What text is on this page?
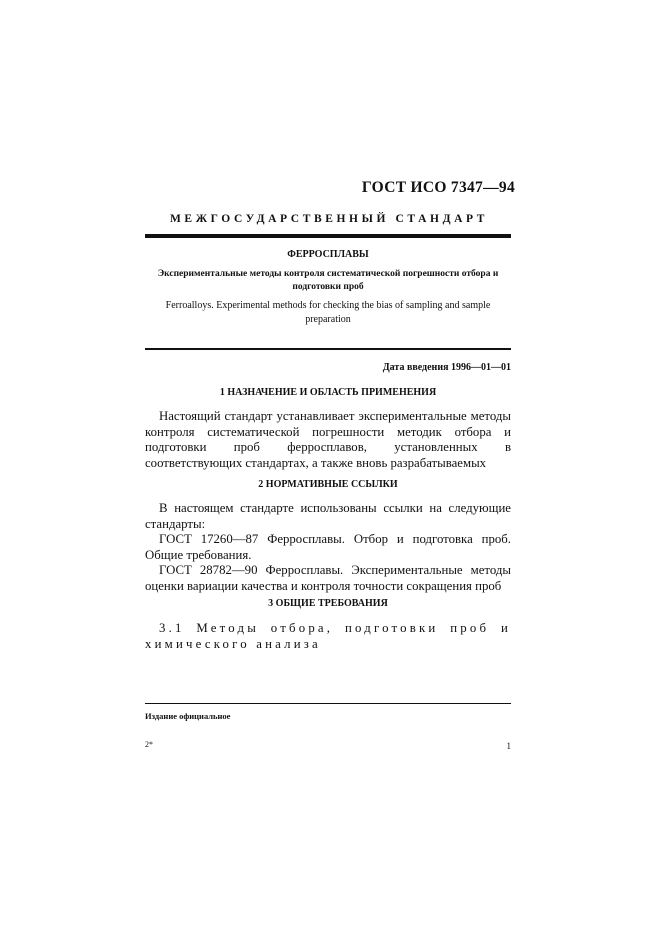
ГОСТ ИСО 7347—94
МЕЖГОСУДАРСТВЕННЫЙ СТАНДАРТ
ФЕРРОСПЛАВЫ
Экспериментальные методы контроля систематической погрешности отбора и подготовки проб
Ferroalloys. Experimental methods for checking the bias of sampling and sample preparation
Дата введения 1996—01—01
1 НАЗНАЧЕНИЕ И ОБЛАСТЬ ПРИМЕНЕНИЯ
Настоящий стандарт устанавливает экспериментальные методы контроля систематической погрешности методик отбора и подготовки проб ферросплавов, установленных в соответствующих стандартах, а также вновь разрабатываемых
2 НОРМАТИВНЫЕ ССЫЛКИ
В настоящем стандарте использованы ссылки на следующие стандарты:
ГОСТ 17260—87 Ферросплавы. Отбор и подготовка проб. Общие требования.
ГОСТ 28782—90 Ферросплавы. Экспериментальные методы оценки вариации качества и контроля точности сокращения проб
3 ОБЩИЕ ТРЕБОВАНИЯ
3.1 Методы отбора, подготовки проб и химического анализа
Издание официальное
2*	1
